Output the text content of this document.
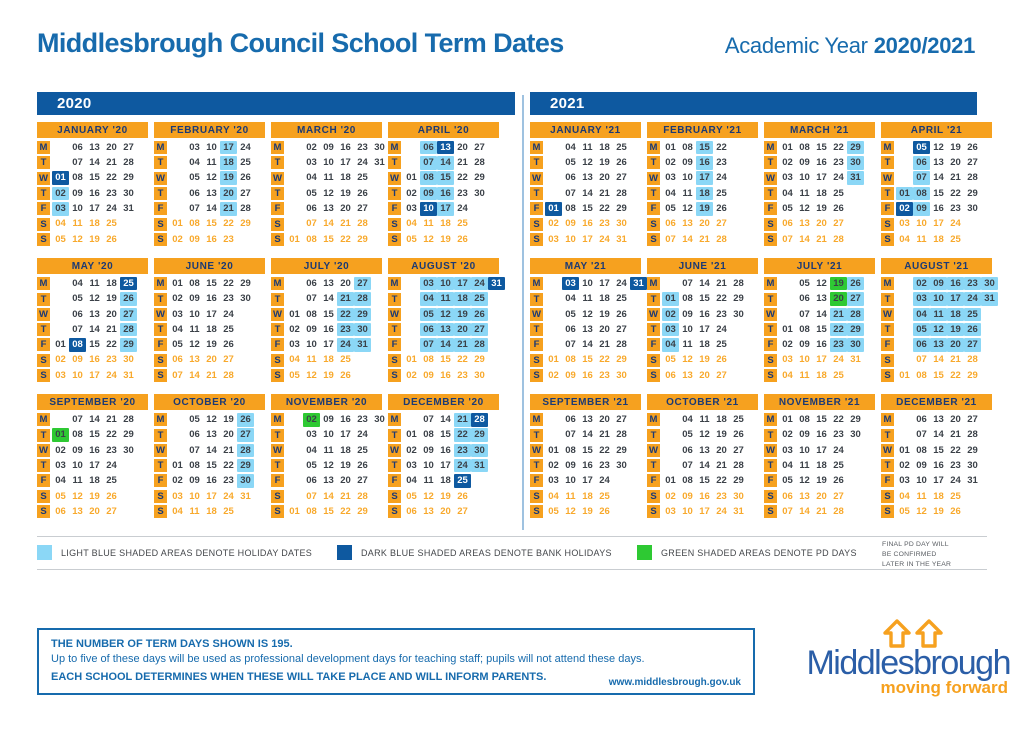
Middlesbrough Council School Term Dates	Academic Year 2020/2021
2020
JANUARY '20
M	06 13 20 27
T	07 14 21 28
W 01 08 15 22 29
T 02 09 16 23 30
F 03 10 17 24 31
S 04 11 18 25
S 05 12 19 26
FEBRUARY '20
M	03 10 17 24
T	04 11 18 25
W	05 12 19 26
T	06 13 20 27
F	07 14 21 28
S 01 08 15 22 29
S 02 09 16 23
MARCH '20
M	02 09 16 23 30
T	03 10 17 24 31
W	04 11 18 25
T	05 12 19 26
F	06 13 20 27
S	07 14 21 28
S 01 08 15 22 29
APRIL '20
M	06 13 20 27
T	07 14 21 28
W 01 08 15 22 29
T 02 09 16 23 30
F 03 10 17 24
S 04 11 18 25
S 05 12 19 26
MAY '20
M	04 11 18 25
T	05 12 19 26
W	06 13 20 27
T	07 14 21 28
F 01 08 15 22 29
S 02 09 16 23 30
S 03 10 17 24 31
JUNE '20
M 01 08 15 22 29
T 02 09 16 23 30
W 03 10 17 24
T 04 11 18 25
F 05 12 19 26
S 06 13 20 27
S 07 14 21 28
JULY '20
M	06 13 20 27
T	07 14 21 28
W 01 08 15 22 29
T 02 09 16 23 30
F 03 10 17 24 31
S 04 11 18 25
S 05 12 19 26
AUGUST '20
M	03 10 17 24 31
T	04 11 18 25
W	05 12 19 26
T	06 13 20 27
F	07 14 21 28
S 01 08 15 22 29
S 02 09 16 23 30
SEPTEMBER '20
M	07 14 21 28
T 01 08 15 22 29
W 02 09 16 23 30
T 03 10 17 24
F 04 11 18 25
S 05 12 19 26
S 06 13 20 27
OCTOBER '20
M	05 12 19 26
T	06 13 20 27
W	07 14 21 28
T 01 08 15 22 29
F 02 09 16 23 30
S 03 10 17 24 31
S 04 11 18 25
NOVEMBER '20
M	02 09 16 23 30
T	03 10 17 24
W	04 11 18 25
T	05 12 19 26
F	06 13 20 27
S	07 14 21 28
S 01 08 15 22 29
DECEMBER '20
M	07 14 21 28
T 01 08 15 22 29
W 02 09 16 23 30
T 03 10 17 24 31
F 04 11 18 25
S 05 12 19 26
S 06 13 20 27
2021
JANUARY '21
M	04 11 18 25
T	05 12 19 26
W	06 13 20 27
T	07 14 21 28
F 01 08 15 22 29
S 02 09 16 23 30
S 03 10 17 24 31
FEBRUARY '21
M 01 08 15 22
T 02 09 16 23
W 03 10 17 24
T 04 11 18 25
F 05 12 19 26
S 06 13 20 27
S 07 14 21 28
MARCH '21
M 01 08 15 22 29
T 02 09 16 23 30
W 03 10 17 24 31
T 04 11 18 25
F 05 12 19 26
S 06 13 20 27
S 07 14 21 28
APRIL '21
M	05 12 19 26
T	06 13 20 27
W	07 14 21 28
T 01 08 15 22 29
F 02 09 16 23 30
S 03 10 17 24
S 04 11 18 25
MAY '21
M	03 10 17 24 31
T	04 11 18 25
W	05 12 19 26
T	06 13 20 27
F	07 14 21 28
S 01 08 15 22 29
S 02 09 16 23 30
JUNE '21
M	07 14 21 28
T 01 08 15 22 29
W 02 09 16 23 30
T 03 10 17 24
F 04 11 18 25
S 05 12 19 26
S 06 13 20 27
JULY '21
M	05 12 19 26
T	06 13 20 27
W	07 14 21 28
T 01 08 15 22 29
F 02 09 16 23 30
S 03 10 17 24 31
S 04 11 18 25
AUGUST '21
M	02 09 16 23 30
T	03 10 17 24 31
W	04 11 18 25
T	05 12 19 26
F	06 13 20 27
S	07 14 21 28
S 01 08 15 22 29
SEPTEMBER '21
M	06 13 20 27
T	07 14 21 28
W 01 08 15 22 29
T 02 09 16 23 30
F 03 10 17 24
S 04 11 18 25
S 05 12 19 26
OCTOBER '21
M	04 11 18 25
T	05 12 19 26
W	06 13 20 27
T	07 14 21 28
F 01 08 15 22 29
S 02 09 16 23 30
S 03 10 17 24 31
NOVEMBER '21
M 01 08 15 22 29
T 02 09 16 23 30
W 03 10 17 24
T 04 11 18 25
F 05 12 19 26
S 06 13 20 27
S 07 14 21 28
DECEMBER '21
M	06 13 20 27
T	07 14 21 28
W 01 08 15 22 29
T 02 09 16 23 30
F 03 10 17 24 31
S 04 11 18 25
S 05 12 19 26
LIGHT BLUE SHADED AREAS DENOTE HOLIDAY DATES	DARK BLUE SHADED AREAS DENOTE BANK HOLIDAYS	GREEN SHADED AREAS DENOTE PD DAYS
FINAL PD DAY WILL
BE CONFIRMED
LATER IN THE YEAR
THE NUMBER OF TERM DAYS SHOWN IS 195.
Up to five of these days will be used as professional development days for teaching staff; pupils will not attend these days.
EACH SCHOOL DETERMINES WHEN THESE WILL TAKE PLACE AND WILL INFORM PARENTS.	www.middlesbrough.gov.uk
Middlesbrough
moving forward
